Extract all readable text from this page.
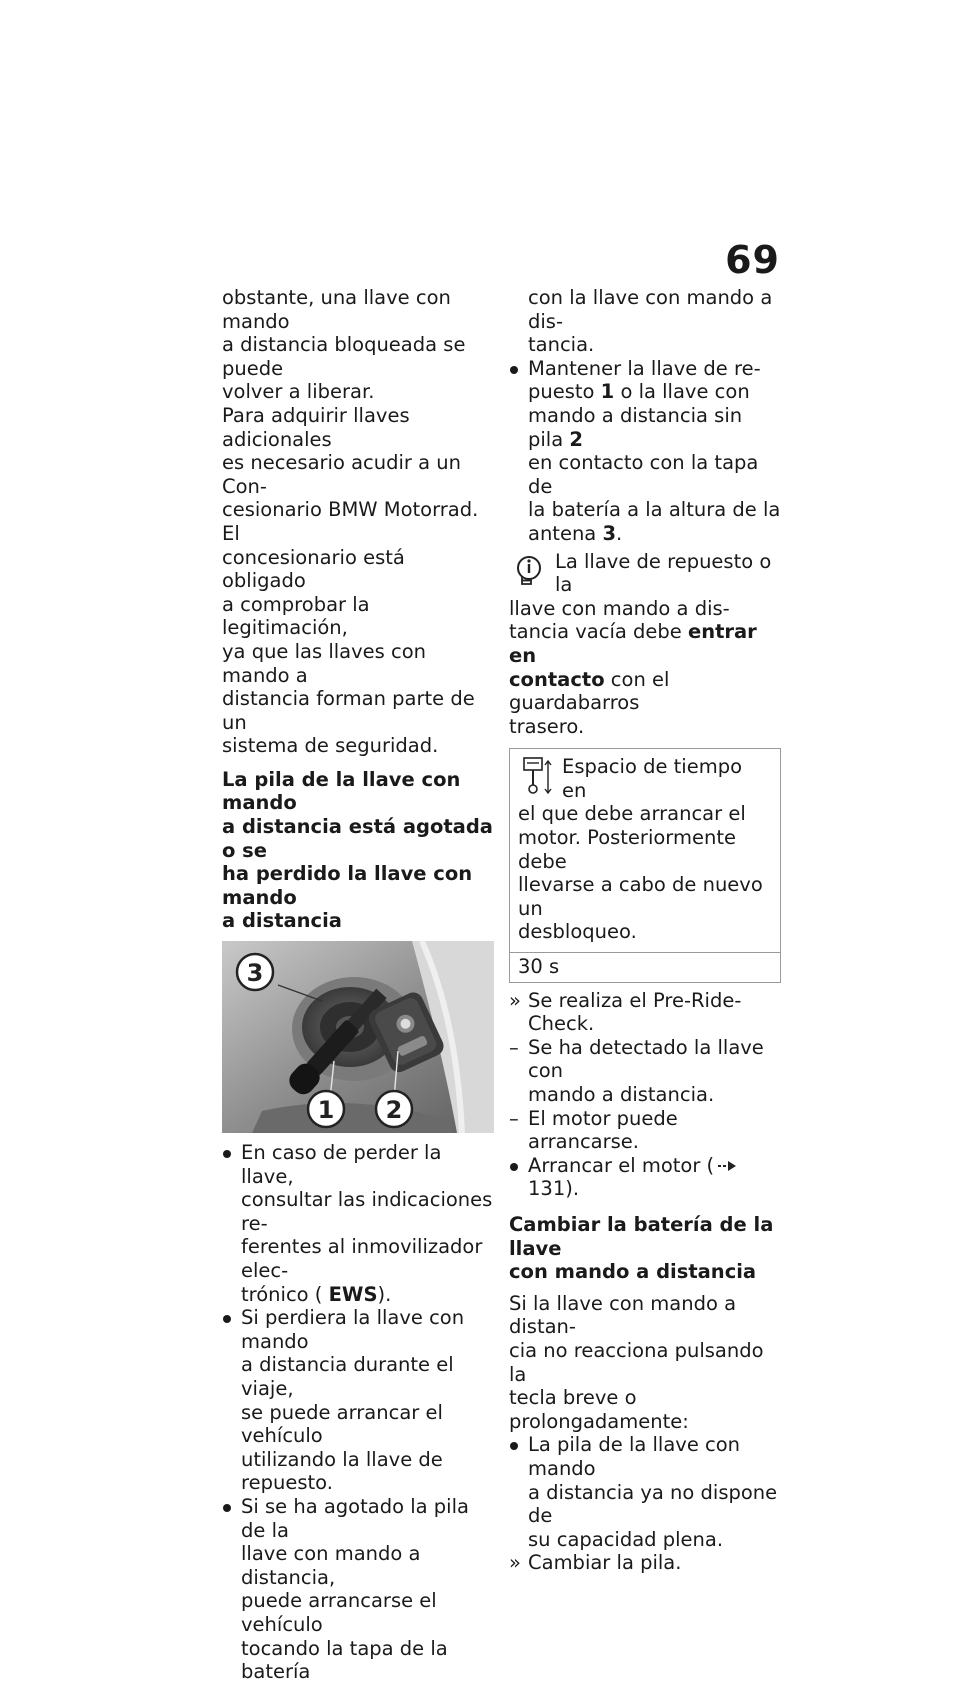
69

obstante, una llave con mando
a distancia bloqueada se puede
volver a liberar.

Para adquirir llaves adicionales
es necesario acudir a un Con-
cesionario BMW Motorrad. El
concesionario está obligado
a comprobar la legitimación,
ya que las llaves con mando a
distancia forman parte de un
sistema de seguridad.

La pila de la llave con mando
a distancia está agotada o se
ha perdido la llave con mando
a distancia

3
1 2
En caso de perder la llave,
consultar las indicaciones re-
ferentes al inmovilizador elec-
trónico ( EWS).
Si perdiera la llave con mando
a distancia durante el viaje,
se puede arrancar el vehículo
utilizando la llave de repuesto.
Si se ha agotado la pila de la
llave con mando a distancia,
puede arrancarse el vehículo
tocando la tapa de la batería
con la llave con mando a dis-
tancia.
Mantener la llave de re-
puesto 1 o la llave con
mando a distancia sin pila 2
en contacto con la tapa de
la batería a la altura de la
antena 3.
La llave de repuesto o la
llave con mando a dis-
tancia vacía debe entrar en
contacto con el guardabarros
trasero.
Espacio de tiempo en
el que debe arrancar el
motor. Posteriormente debe
llevarse a cabo de nuevo un
desbloqueo.
30 s
» Se realiza el Pre-Ride-Check.
– Se ha detectado la llave con
mando a distancia.
– El motor puede arrancarse.
Arrancar el motor (131).

Cambiar la batería de la llave
con mando a distancia

Si la llave con mando a distan-
cia no reacciona pulsando la
tecla breve o prolongadamente:

La pila de la llave con mando
a distancia ya no dispone de
su capacidad plena.
» Cambiar la pila.
